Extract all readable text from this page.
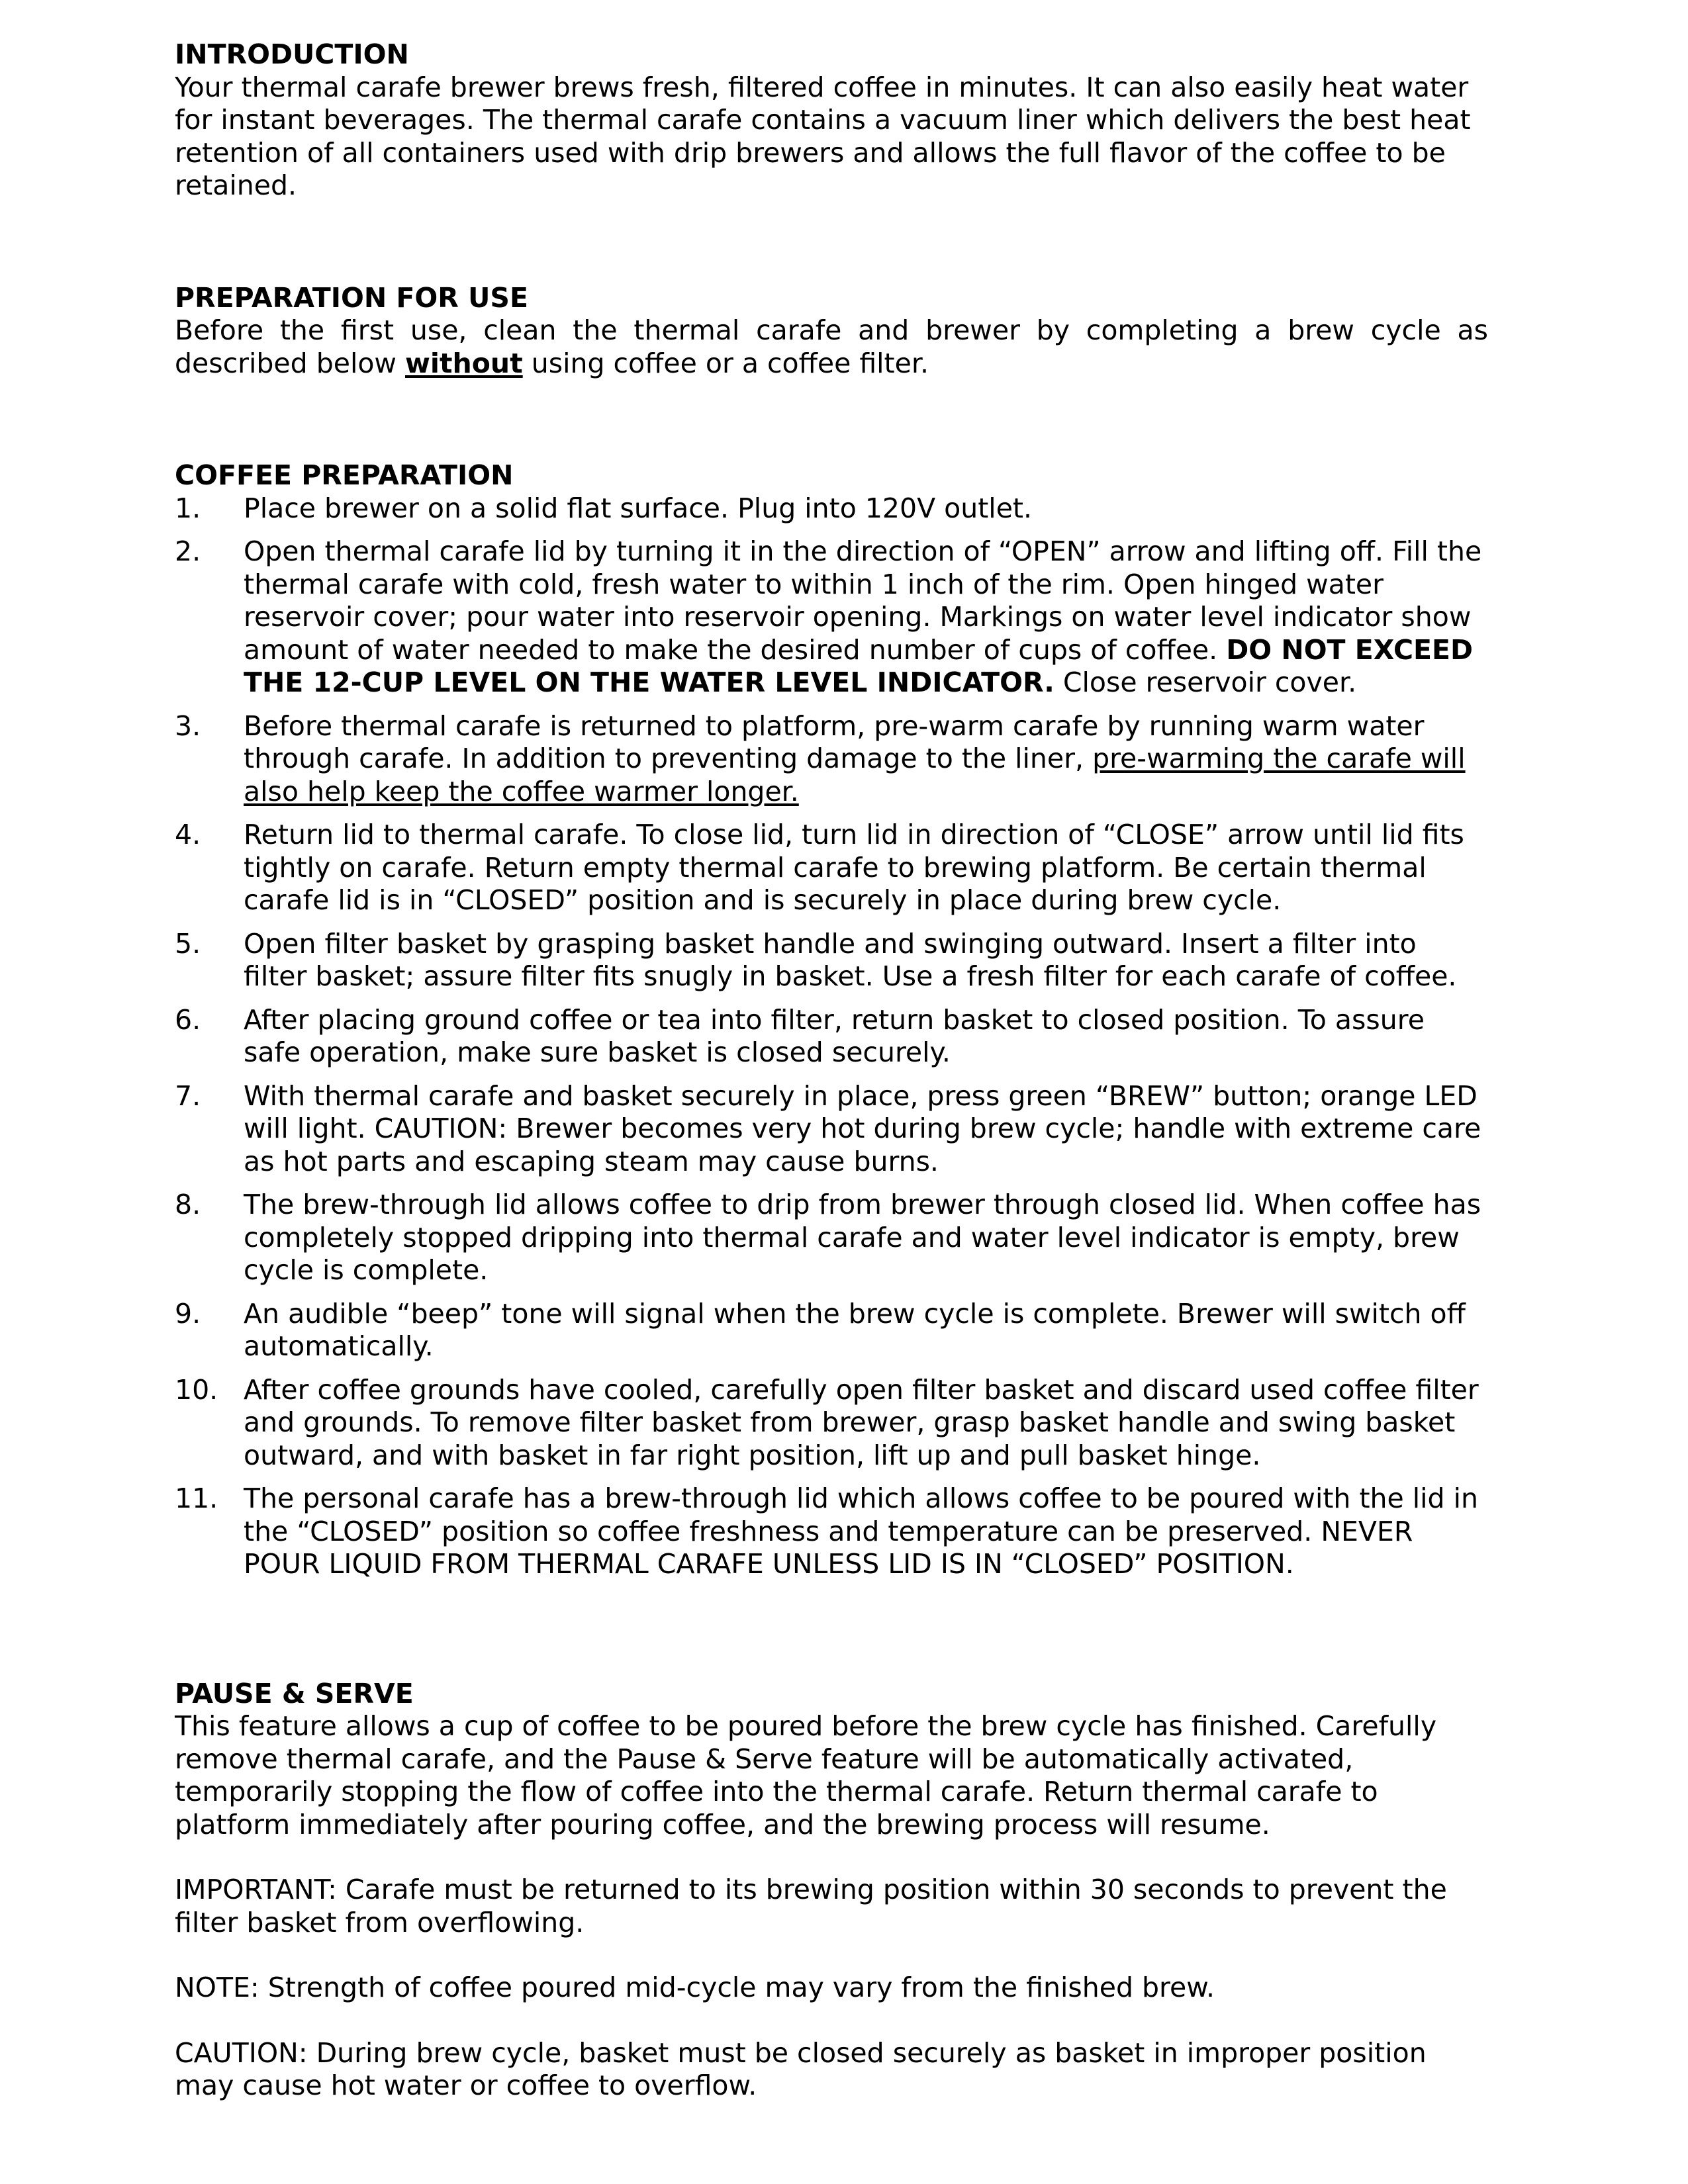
INTRODUCTION

Your thermal carafe brewer brews fresh, filtered coffee in minutes. It can also easily heat water for instant beverages. The thermal carafe contains a vacuum liner which delivers the best heat retention of all containers used with drip brewers and allows the full flavor of the coffee to be retained.

PREPARATION FOR USE

Before the first use, clean the thermal carafe and brewer by completing a brew cycle as described below without using coffee or a coffee filter.

COFFEE PREPARATION

1. Place brewer on a solid flat surface. Plug into 120V outlet.
2. Open thermal carafe lid by turning it in the direction of “OPEN” arrow and lifting off. Fill the thermal carafe with cold, fresh water to within 1 inch of the rim. Open hinged water reservoir cover; pour water into reservoir opening. Markings on water level indicator show amount of water needed to make the desired number of cups of coffee. DO NOT EXCEED THE 12-CUP LEVEL ON THE WATER LEVEL INDICATOR. Close reservoir cover.
3. Before thermal carafe is returned to platform, pre-warm carafe by running warm water through carafe. In addition to preventing damage to the liner, pre-warming the carafe will also help keep the coffee warmer longer.
4. Return lid to thermal carafe. To close lid, turn lid in direction of “CLOSE” arrow until lid fits tightly on carafe. Return empty thermal carafe to brewing platform. Be certain thermal carafe lid is in “CLOSED” position and is securely in place during brew cycle.
5. Open filter basket by grasping basket handle and swinging outward. Insert a filter into filter basket; assure filter fits snugly in basket. Use a fresh filter for each carafe of coffee.
6. After placing ground coffee or tea into filter, return basket to closed position. To assure safe operation, make sure basket is closed securely.
7. With thermal carafe and basket securely in place, press green “BREW” button; orange LED will light. CAUTION: Brewer becomes very hot during brew cycle; handle with extreme care as hot parts and escaping steam may cause burns.
8. The brew-through lid allows coffee to drip from brewer through closed lid. When coffee has completely stopped dripping into thermal carafe and water level indicator is empty, brew cycle is complete.
9. An audible “beep” tone will signal when the brew cycle is complete. Brewer will switch off automatically.
10. After coffee grounds have cooled, carefully open filter basket and discard used coffee filter and grounds. To remove filter basket from brewer, grasp basket handle and swing basket outward, and with basket in far right position, lift up and pull basket hinge.
11. The personal carafe has a brew-through lid which allows coffee to be poured with the lid in the “CLOSED” position so coffee freshness and temperature can be preserved. NEVER POUR LIQUID FROM THERMAL CARAFE UNLESS LID IS IN “CLOSED” POSITION.

PAUSE & SERVE

This feature allows a cup of coffee to be poured before the brew cycle has finished. Carefully remove thermal carafe, and the Pause & Serve feature will be automatically activated, temporarily stopping the flow of coffee into the thermal carafe. Return thermal carafe to platform immediately after pouring coffee, and the brewing process will resume.

IMPORTANT: Carafe must be returned to its brewing position within 30 seconds to prevent the filter basket from overflowing.

NOTE: Strength of coffee poured mid-cycle may vary from the finished brew.

CAUTION: During brew cycle, basket must be closed securely as basket in improper position may cause hot water or coffee to overflow.
